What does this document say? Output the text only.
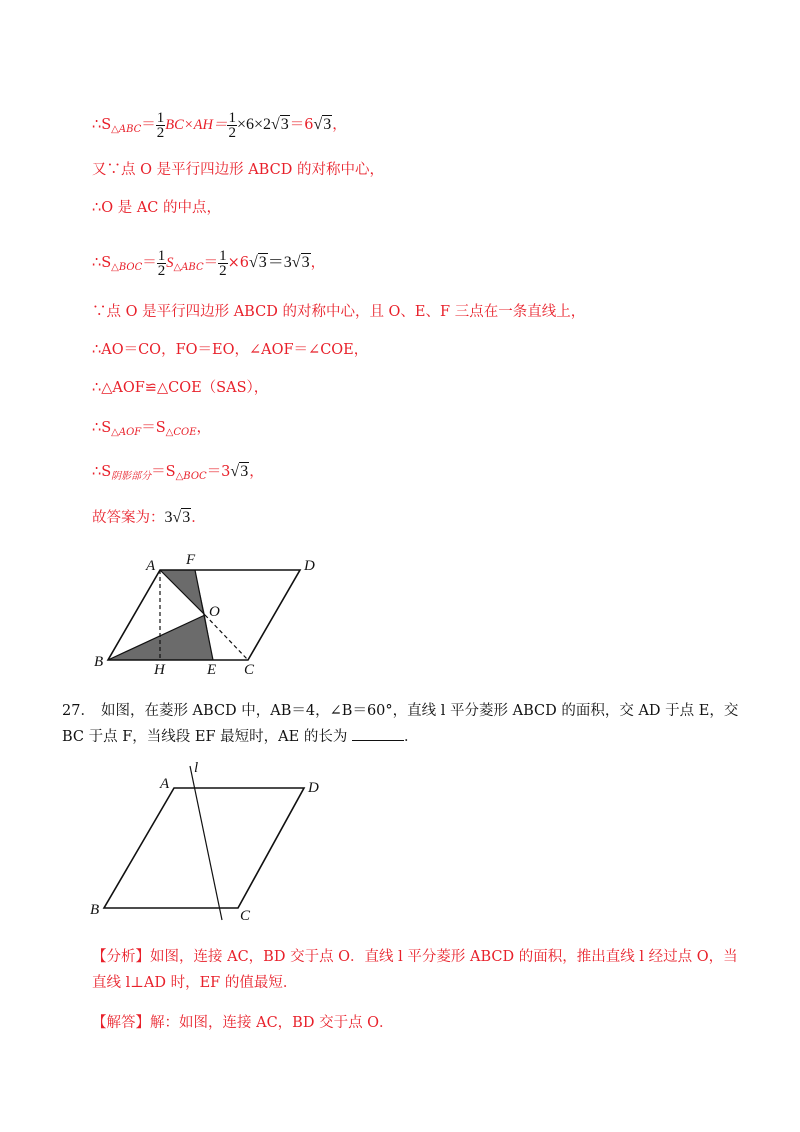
$\therefore S_{\triangle ABC}= \frac{1}{2} BC\times AH= \frac{1}{2} \times 6\times 2√3=6√3$，
又∵点 O 是平行四边形 ABCD 的对称中心，
∴O 是 AC 的中点，
$\therefore S_{\triangle BOC}= \frac{1}{2} S_{\triangle ABC}= \frac{1}{2} \times 6√3=3√3$，
∵点 O 是平行四边形 ABCD 的对称中心，且 O、E、F 三点在一条直线上，
∴AO＝CO，FO＝EO，∠AOF＝∠COE，
∴△AOF≌△COE（SAS），
$\therefore S_{\triangle AOF}=S_{\triangle COE}$，
$\therefore S_{阴影部分}=S_{\triangle BOC}=3√3$，
故答案为：3√3．
A F	D
O
B	H	E C
27． 如图，在菱形 ABCD 中，AB＝4，∠B＝60°，直线 l 平分菱形 ABCD 的面积，交 AD 于点 E，交 BC 于点 F，当线段 EF 最短时，AE 的长为	．
l
A	D
B	C
【分析】如图，连接 AC，BD 交于点 O．直线 l 平分菱形 ABCD 的面积，推出直线 l 经过点 O，当直线 l⊥AD 时，EF 的值最短．
【解答】解：如图，连接 AC，BD 交于点 O．
